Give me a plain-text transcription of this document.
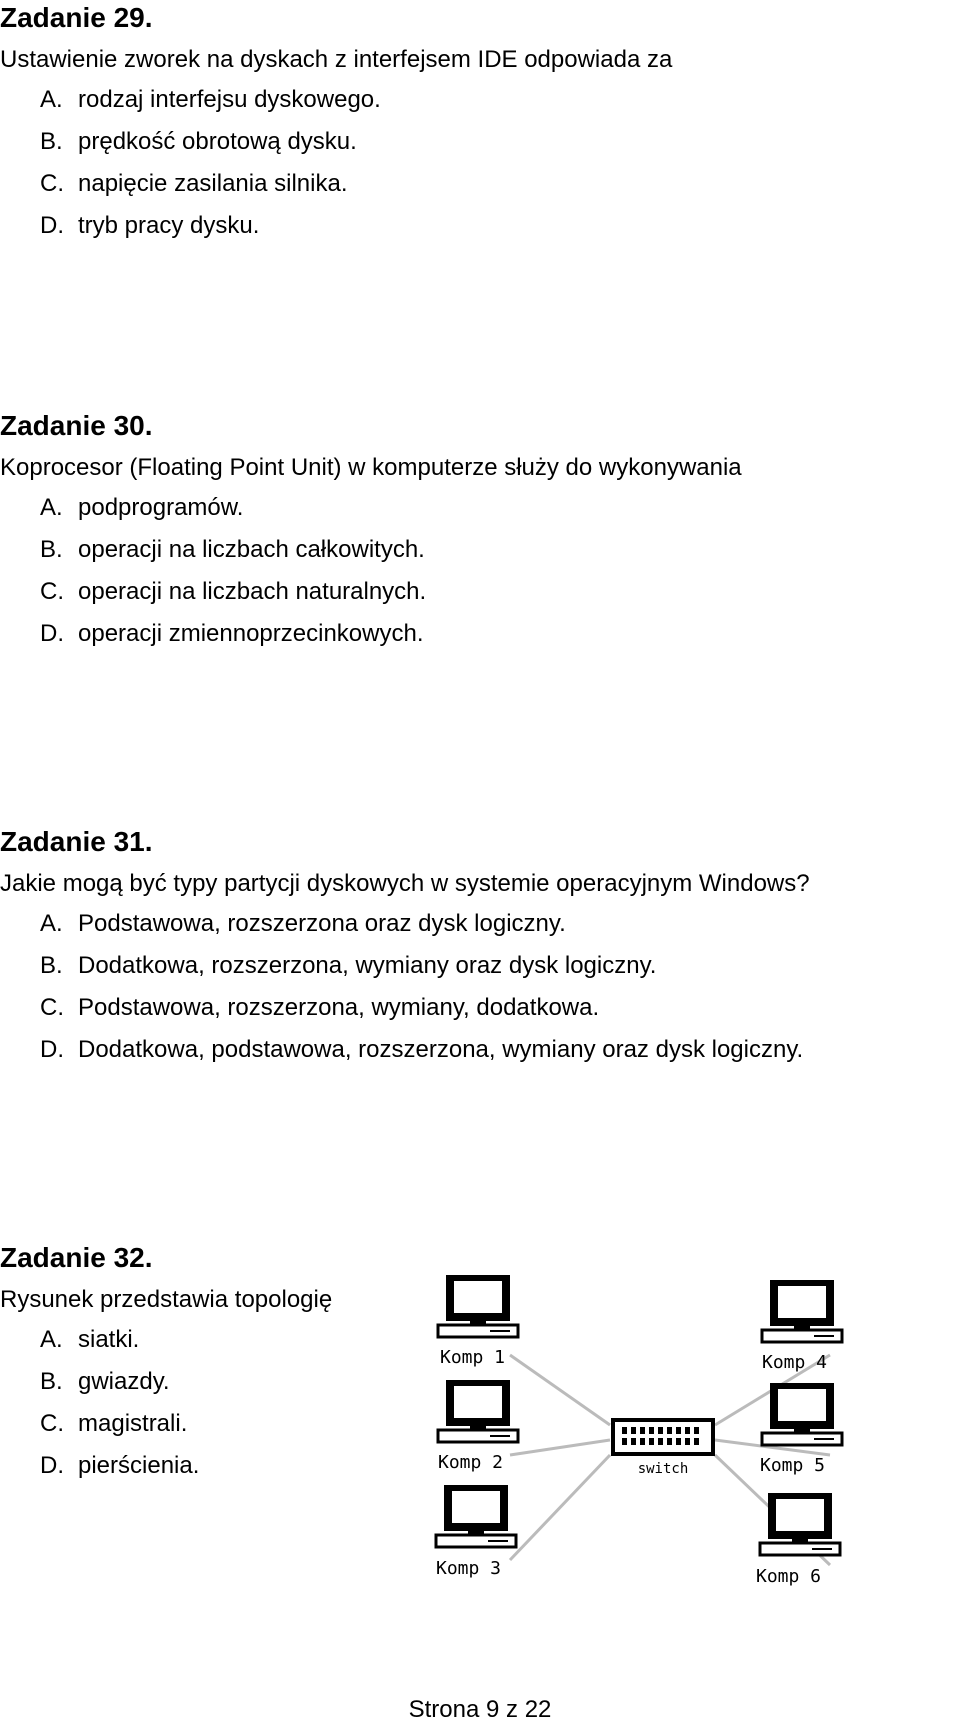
Zadanie 29.

Ustawienie zworek na dyskach z interfejsem IDE odpowiada za

A. rodzaj interfejsu dyskowego.

B. prędkość obrotową dysku.

C. napięcie zasilania silnika.

D. tryb pracy dysku.

Zadanie 30.

Koprocesor (Floating Point Unit) w komputerze służy do wykonywania

A. podprogramów.

B. operacji na liczbach całkowitych.

C. operacji na liczbach naturalnych.

D. operacji zmiennoprzecinkowych.

Zadanie 31.

Jakie mogą być typy partycji dyskowych w systemie operacyjnym Windows?

A. Podstawowa, rozszerzona oraz dysk logiczny.

B. Dodatkowa, rozszerzona, wymiany oraz dysk logiczny.

C. Podstawowa, rozszerzona, wymiany, dodatkowa.

D. Dodatkowa, podstawowa, rozszerzona, wymiany oraz dysk logiczny.

Zadanie 32.

Rysunek przedstawia topologię

A. siatki.

B. gwiazdy.

C. magistrali.

D. pierścienia.	switch
Komp 1
Komp 2
Komp 3
Komp 4
Komp 5
Komp 6
Strona 9 z 22
